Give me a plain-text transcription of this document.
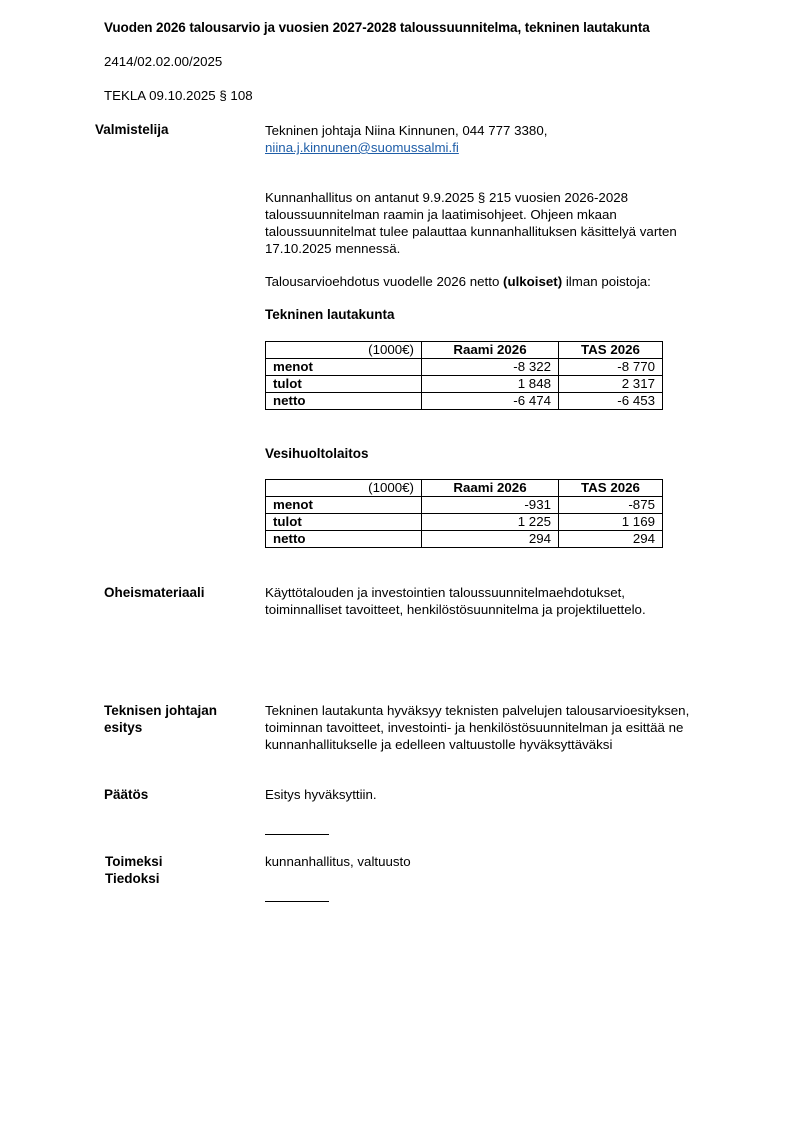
Vuoden 2026 talousarvio ja vuosien 2027-2028 taloussuunnitelma, tekninen lautakunta
2414/02.02.00/2025
TEKLA 09.10.2025 § 108
Valmistelija	Tekninen johtaja Niina Kinnunen, 044 777 3380,
niina.j.kinnunen@suomussalmi.fi
Kunnanhallitus on antanut 9.9.2025 § 215 vuosien 2026-2028 taloussuunnitelman raamin ja laatimisohjeet. Ohjeen mkaan taloussuunnitelmat tulee palauttaa kunnanhallituksen käsittelyä varten 17.10.2025 mennessä.
Talousarvioehdotus vuodelle 2026 netto (ulkoiset) ilman poistoja:
Tekninen lautakunta
(1000€)	Raami 2026	TAS 2026
menot	-8 322	-8 770
tulot	1 848	2 317
netto	-6 474	-6 453
Vesihuoltolaitos
(1000€)	Raami 2026	TAS 2026
menot	-931	-875
tulot	1 225	1 169
netto	294	294
Oheismateriaali	Käyttötalouden ja investointien taloussuunnitelmaehdotukset, toiminnalliset tavoitteet, henkilöstösuunnitelma ja projektiluettelo.
Teknisen johtajan
esitys
Tekninen lautakunta hyväksyy teknisten palvelujen talousarvioesityksen, toiminnan tavoitteet, investointi- ja henkilöstösuunnitelman ja esittää ne kunnanhallitukselle ja edelleen valtuustolle hyväksyttäväksi
Päätös	Esitys hyväksyttiin.
Toimeksi
Tiedoksi
kunnanhallitus, valtuusto
